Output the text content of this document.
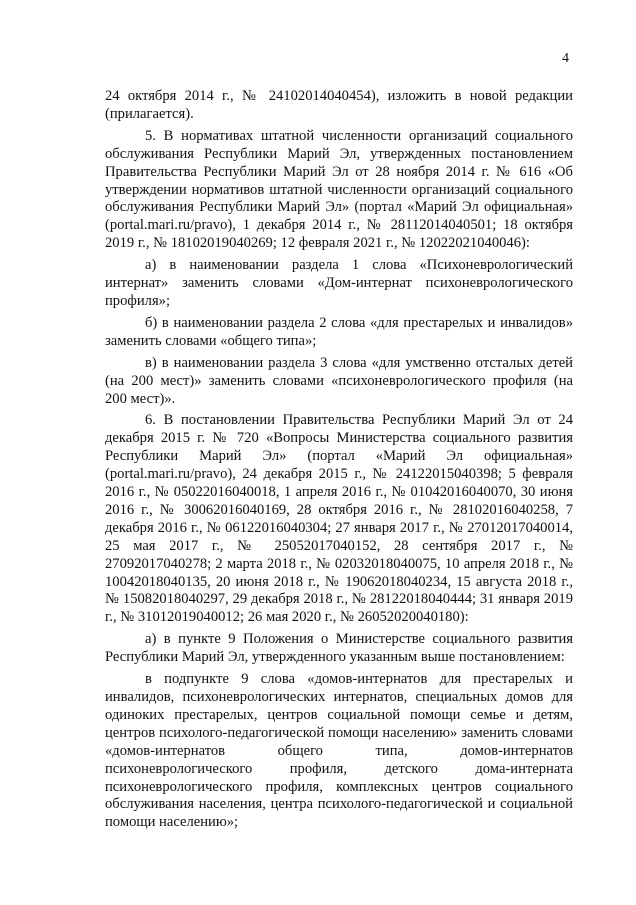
4

24 октября 2014 г., № 24102014040454), изложить в новой редакции (прилагается).

5. В нормативах штатной численности организаций социального обслуживания Республики Марий Эл, утвержденных постановлением Правительства Республики Марий Эл от 28 ноября 2014 г. № 616 «Об утверждении нормативов штатной численности организаций социального обслуживания Республики Марий Эл» (портал «Марий Эл официальная» (portal.mari.ru/pravo), 1 декабря 2014 г., № 28112014040501; 18 октября 2019 г., № 18102019040269; 12 февраля 2021 г., № 12022021040046):

а) в наименовании раздела 1 слова «Психоневрологический интернат» заменить словами «Дом-интернат психоневрологического профиля»;

б) в наименовании раздела 2 слова «для престарелых и инвалидов» заменить словами «общего типа»;

в) в наименовании раздела 3 слова «для умственно отсталых детей (на 200 мест)» заменить словами «психоневрологического профиля (на 200 мест)».

6. В постановлении Правительства Республики Марий Эл от 24 декабря 2015 г. № 720 «Вопросы Министерства социального развития Республики Марий Эл» (портал «Марий Эл официальная» (portal.mari.ru/pravo), 24 декабря 2015 г., № 24122015040398; 5 февраля 2016 г., № 05022016040018, 1 апреля 2016 г., № 01042016040070, 30 июня 2016 г., № 30062016040169, 28 октября 2016 г., № 28102016040258, 7 декабря 2016 г., № 06122016040304; 27 января 2017 г., № 27012017040014, 25 мая 2017 г., № 25052017040152, 28 сентября 2017 г., № 27092017040278; 2 марта 2018 г., № 02032018040075, 10 апреля 2018 г., № 10042018040135, 20 июня 2018 г., № 19062018040234, 15 августа 2018 г., № 15082018040297, 29 декабря 2018 г., № 28122018040444; 31 января 2019 г., № 31012019040012; 26 мая 2020 г., № 26052020040180):

а) в пункте 9 Положения о Министерстве социального развития Республики Марий Эл, утвержденного указанным выше постановлением:

в подпункте 9 слова «домов-интернатов для престарелых и инвалидов, психоневрологических интернатов, специальных домов для одиноких престарелых, центров социальной помощи семье и детям, центров психолого-педагогической помощи населению» заменить словами «домов-интернатов общего типа, домов-интернатов психоневрологического профиля, детского дома-интерната психоневрологического профиля, комплексных центров социального обслуживания населения, центра психолого-педагогической и социальной помощи населению»;
